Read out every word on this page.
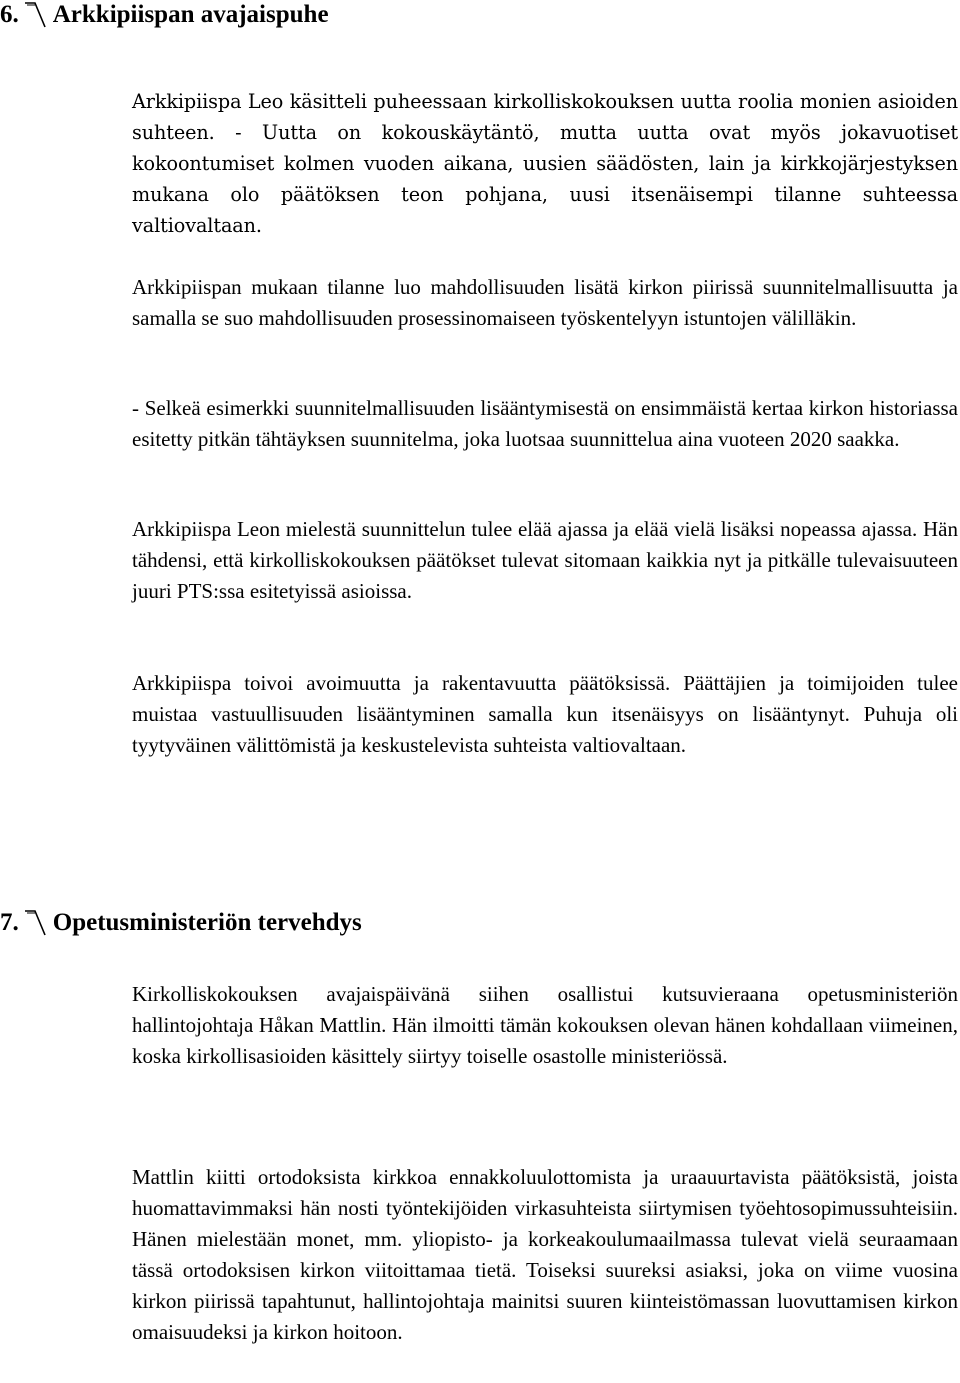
6. Arkkipiispan avajaispuhe

Arkkipiispa Leo käsitteli puheessaan kirkolliskokouksen uutta roolia monien asioiden suhteen. - Uutta on kokouskäytäntö, mutta uutta ovat myös jokavuotiset kokoontumiset kolmen vuoden aikana, uusien säädösten, lain ja kirkkojärjestyksen mukana olo päätöksen teon pohjana, uusi itsenäisempi tilanne suhteessa valtiovaltaan.

Arkkipiispan mukaan tilanne luo mahdollisuuden lisätä kirkon piirissä suunnitelmallisuutta ja samalla se suo mahdollisuuden prosessinomaiseen työskentelyyn istuntojen välilläkin.

- Selkeä esimerkki suunnitelmallisuuden lisääntymisestä on ensimmäistä kertaa kirkon historiassa esitetty pitkän tähtäyksen suunnitelma, joka luotsaa suunnittelua aina vuoteen 2020 saakka.

Arkkipiispa Leon mielestä suunnittelun tulee elää ajassa ja elää vielä lisäksi nopeassa ajassa. Hän tähdensi, että kirkolliskokouksen päätökset tulevat sitomaan kaikkia nyt ja pitkälle tulevaisuuteen juuri PTS:ssa esitetyissä asioissa.

Arkkipiispa toivoi avoimuutta ja rakentavuutta päätöksissä. Päättäjien ja toimijoiden tulee muistaa vastuullisuuden lisääntyminen samalla kun itsenäisyys on lisääntynyt. Puhuja oli tyytyväinen välittömistä ja keskustelevista suhteista valtiovaltaan.

7. Opetusministeriön tervehdys

Kirkolliskokouksen avajaispäivänä siihen osallistui kutsuvieraana opetusministeriön hallintojohtaja Håkan Mattlin. Hän ilmoitti tämän kokouksen olevan hänen kohdallaan viimeinen, koska kirkollisasioiden käsittely siirtyy toiselle osastolle ministeriössä.

Mattlin kiitti ortodoksista kirkkoa ennakkoluulottomista ja uraauurtavista päätöksistä, joista huomattavimmaksi hän nosti työntekijöiden virkasuhteista siirtymisen työehtosopimussuhteisiin. Hänen mielestään monet, mm. yliopisto- ja korkeakoulumaailmassa tulevat vielä seuraamaan tässä ortodoksisen kirkon viitoittamaa tietä. Toiseksi suureksi asiaksi, joka on viime vuosina kirkon piirissä tapahtunut, hallintojohtaja mainitsi suuren kiinteistömassan luovuttamisen kirkon omaisuudeksi ja kirkon hoitoon.
